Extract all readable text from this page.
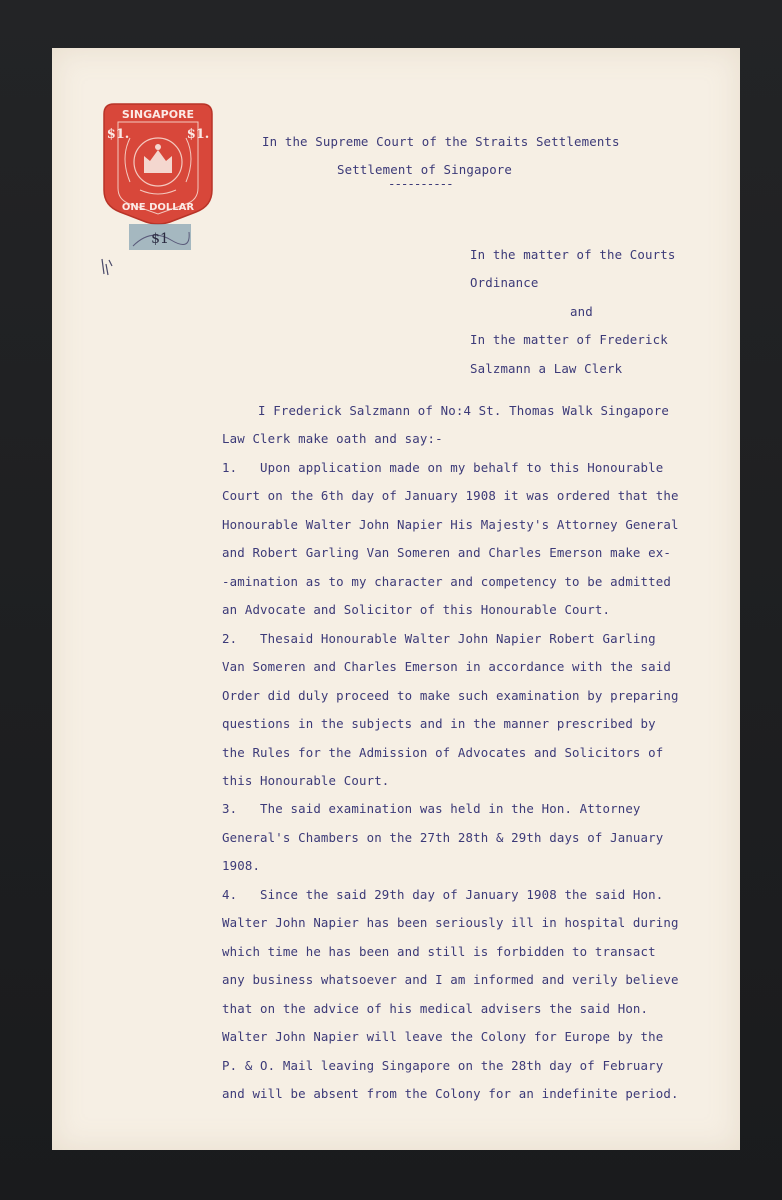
SINGAPORE
$1.	$1.
ONE DOLLAR
$1
In the Supreme Court of the Straits Settlements
Settlement of Singapore
----------
In the matter of the Courts
Ordinance
and
In the matter of Frederick
Salzmann a Law Clerk
I Frederick Salzmann of No:4 St. Thomas Walk Singapore
Law Clerk make oath and say:-
1.   Upon application made on my behalf to this Honourable
Court on the 6th day of January 1908 it was ordered that the
Honourable Walter John Napier His Majesty's Attorney General
and Robert Garling Van Someren and Charles Emerson make ex-
-amination as to my character and competency to be admitted
an Advocate and Solicitor of this Honourable Court.
2.   Thesaid Honourable Walter John Napier Robert Garling
Van Someren and Charles Emerson in accordance with the said
Order did duly proceed to make such examination by preparing
questions in the subjects and in the manner prescribed by
the Rules for the Admission of Advocates and Solicitors of
this Honourable Court.
3.   The said examination was held in the Hon. Attorney
General's Chambers on the 27th 28th & 29th days of January
1908.
4.   Since the said 29th day of January 1908 the said Hon.
Walter John Napier has been seriously ill in hospital during
which time he has been and still is forbidden to transact
any business whatsoever and I am informed and verily believe
that on the advice of his medical advisers the said Hon.
Walter John Napier will leave the Colony for Europe by the
P. & O. Mail leaving Singapore on the 28th day of February
and will be absent from the Colony for an indefinite period.
